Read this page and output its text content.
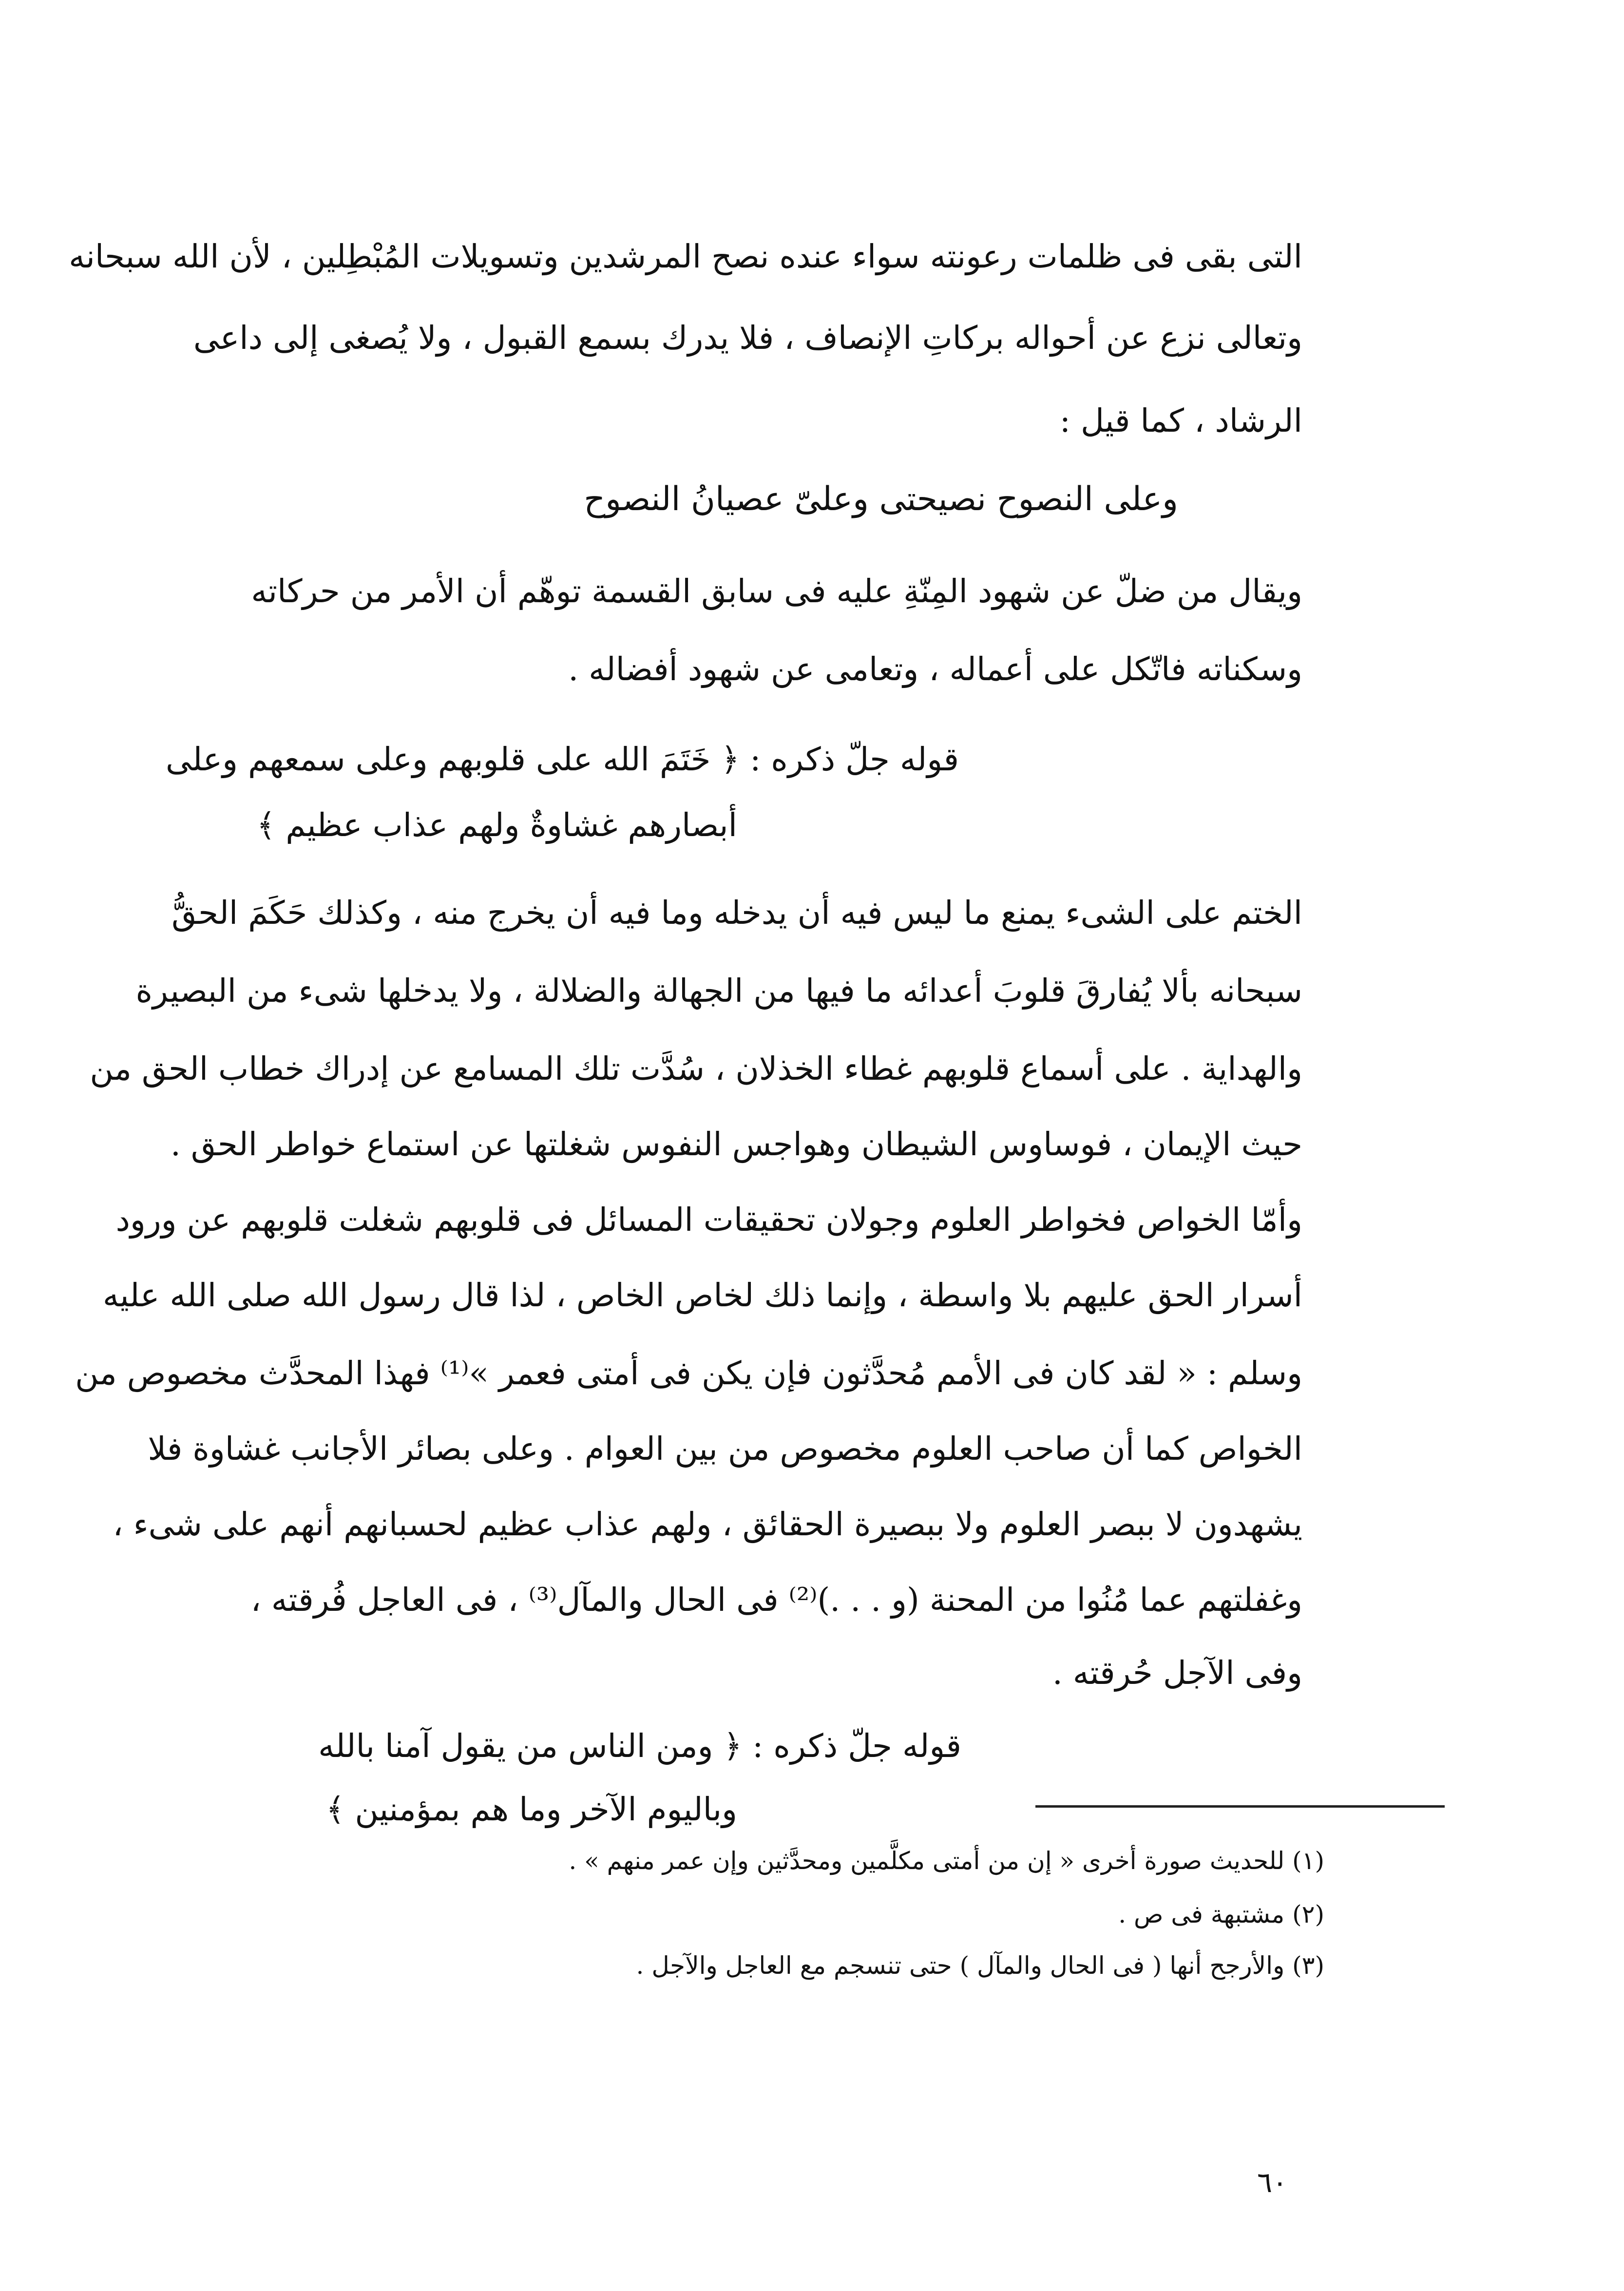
التى بقى فى ظلمات رعونته سواء عنده نصح المرشدين وتسويلات المُبْطِلين ، لأن الله سبحانه
وتعالى نزع عن أحواله بركاتِ الإنصاف ، فلا يدرك بسمع القبول ، ولا يُصغى إلى داعى
الرشاد ، كما قيل :
وعلى النصوح نصيحتى وعلىّ عصيانُ النصوح
ويقال من ضلّ عن شهود المِنّةِ عليه فى سابق القسمة توهّم أن الأمر من حركاته
وسكناته فاتّكل على أعماله ، وتعامى عن شهود أفضاله .
قوله جلّ ذكره : ﴿ خَتَمَ الله على قلوبهم وعلى سمعهم وعلى
أبصارهم غشاوةٌ ولهم عذاب عظيم ﴾
الختم على الشىء يمنع ما ليس فيه أن يدخله وما فيه أن يخرج منه ، وكذلك حَكَمَ الحقُّ
سبحانه بألا يُفارقَ قلوبَ أعدائه ما فيها من الجهالة والضلالة ، ولا يدخلها شىء من البصيرة
والهداية . على أسماع قلوبهم غطاء الخذلان ، سُدَّت تلك المسامع عن إدراك خطاب الحق من
حيث الإيمان ، فوساوس الشيطان وهواجس النفوس شغلتها عن استماع خواطر الحق .
وأمّا الخواص فخواطر العلوم وجولان تحقيقات المسائل فى قلوبهم شغلت قلوبهم عن ورود
أسرار الحق عليهم بلا واسطة ، وإنما ذلك لخاص الخاص ، لذا قال رسول الله صلى الله عليه
وسلم : « لقد كان فى الأمم مُحدَّثون فإن يكن فى أمتى فعمر »⁽¹⁾ فهذا المحدَّث مخصوص من
الخواص كما أن صاحب العلوم مخصوص من بين العوام . وعلى بصائر الأجانب غشاوة فلا
يشهدون لا ببصر العلوم ولا ببصيرة الحقائق ، ولهم عذاب عظيم لحسبانهم أنهم على شىء ،
وغفلتهم عما مُنُوا من المحنة (و . . .)⁽²⁾ فى الحال والمآل⁽³⁾ ، فى العاجل فُرقته ،
وفى الآجل حُرقته .
قوله جلّ ذكره : ﴿ ومن الناس من يقول آمنا بالله
وباليوم الآخر وما هم بمؤمنين ﴾
(١) للحديث صورة أخرى « إن من أمتى مكلَّمين ومحدَّثين وإن عمر منهم » .
(٢) مشتبهة فى ص .
(٣) والأرجح أنها ( فى الحال والمآل ) حتى تنسجم مع العاجل والآجل .
٦٠
